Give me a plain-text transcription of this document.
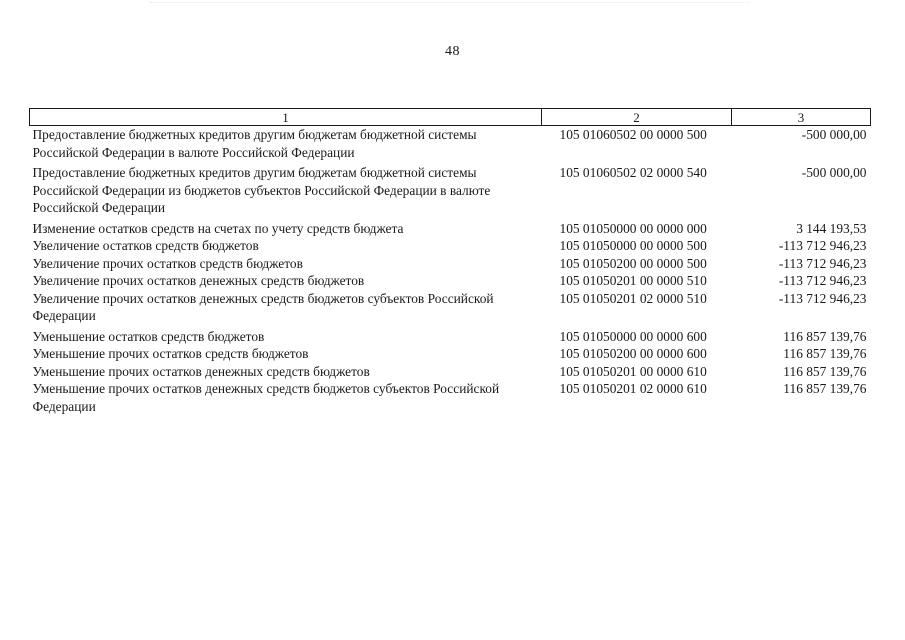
48
1	2	3
Предоставление бюджетных кредитов другим бюджетам бюджетной системы Российской Федерации в валюте Российской Федерации	105 01060502 00 0000 500	-500 000,00
Предоставление бюджетных кредитов другим бюджетам бюджетной системы Российской Федерации из бюджетов субъектов Российской Федерации в валюте Российской Федерации	105 01060502 02 0000 540	-500 000,00
Изменение остатков средств на счетах по учету средств бюджета	105 01050000 00 0000 000	3 144 193,53
Увеличение остатков средств бюджетов	105 01050000 00 0000 500	-113 712 946,23
Увеличение прочих остатков средств бюджетов	105 01050200 00 0000 500	-113 712 946,23
Увеличение прочих остатков денежных средств бюджетов	105 01050201 00 0000 510	-113 712 946,23
Увеличение прочих остатков денежных средств бюджетов субъектов Российской Федерации	105 01050201 02 0000 510	-113 712 946,23
Уменьшение остатков средств бюджетов	105 01050000 00 0000 600	116 857 139,76
Уменьшение прочих остатков средств бюджетов	105 01050200 00 0000 600	116 857 139,76
Уменьшение прочих остатков денежных средств бюджетов	105 01050201 00 0000 610	116 857 139,76
Уменьшение прочих остатков денежных средств бюджетов субъектов Российской Федерации	105 01050201 02 0000 610	116 857 139,76
